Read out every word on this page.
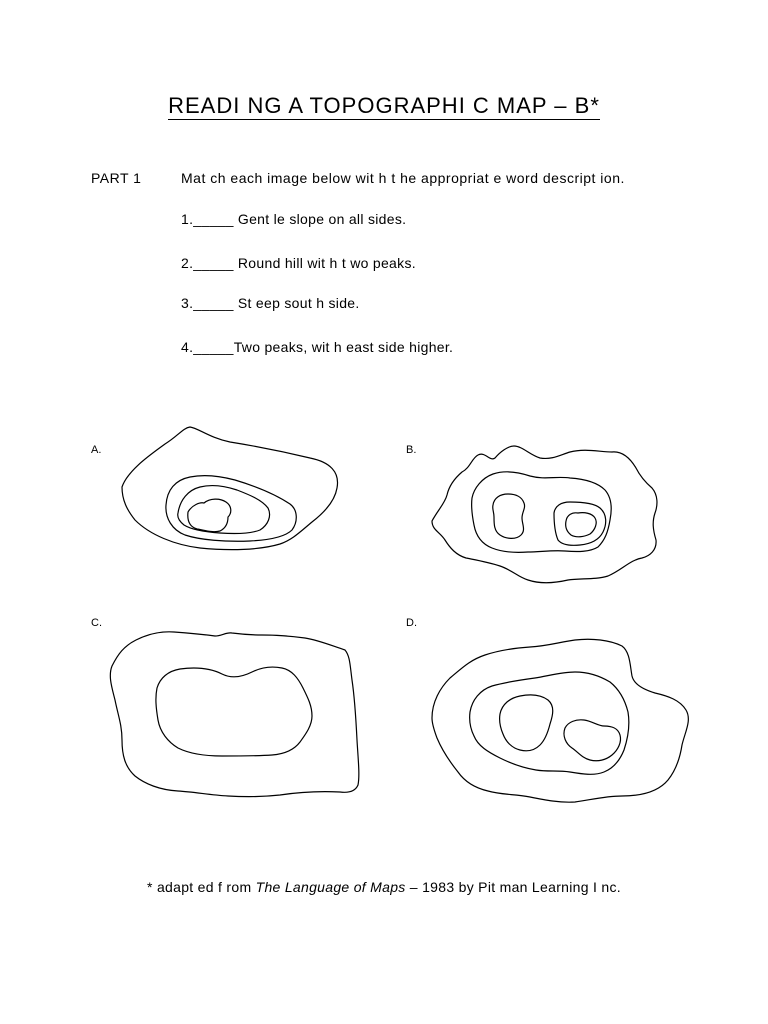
READI NG A TOPOGRAPHI C MAP – B*
PART 1	Mat ch each image below wit h t he appropriat e word descript ion.
1._____ Gent le slope on all sides.
2._____ Round hill wit h t wo peaks.
3._____ St eep sout h side.
4._____Two peaks, wit h east side higher.
A.	B.
C.	D.
* adapt ed f rom The Language of Maps – 1983 by Pit man Learning I nc.
